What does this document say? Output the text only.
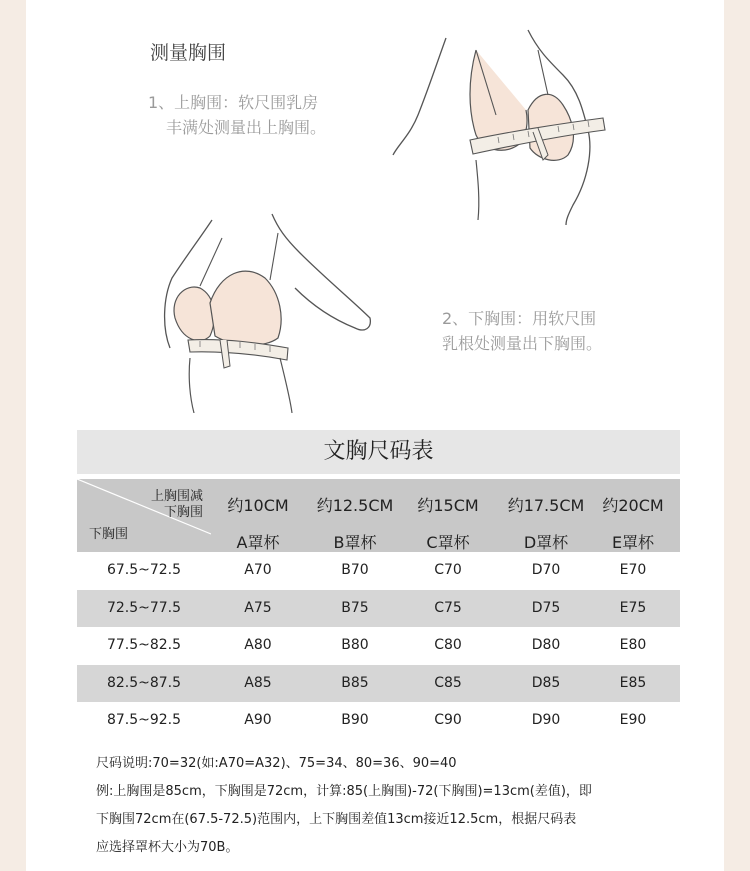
测量胸围
1、上胸围：软尺围乳房
丰满处测量出上胸围。
2、下胸围：用软尺围
乳根处测量出下胸围。
文胸尺码表
上胸围减
下胸围
下胸围
约10CM	约12.5CM	约15CM	约17.5CM	约20CM
A罩杯	B罩杯	C罩杯	D罩杯	E罩杯
67.5~72.5	A70	B70	C70	D70	E70
72.5~77.5	A75	B75	C75	D75	E75
77.5~82.5	A80	B80	C80	D80	E80
82.5~87.5	A85	B85	C85	D85	E85
87.5~92.5	A90	B90	C90	D90	E90
尺码说明:70=32(如:A70=A32)、75=34、80=36、90=40
例:上胸围是85cm，下胸围是72cm，计算:85(上胸围)-72(下胸围)=13cm(差值)，即
下胸围72cm在(67.5-72.5)范围内，上下胸围差值13cm接近12.5cm，根据尺码表
应选择罩杯大小为70B。
